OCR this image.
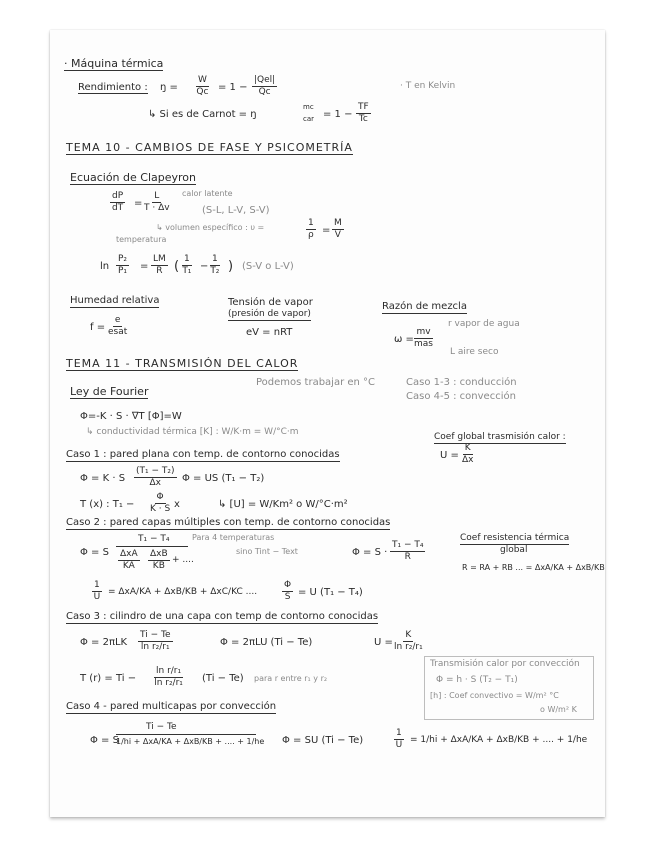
· Máquina térmica
Rendimiento : ŋ = $\frac{W}{Qc} = 1$ −
|Qel|
Qc
· T en Kelvin
↳ Si es de Carnot = ŋ
mc
car = $1 - \frac{TF}{Tc}$
TEMA 10 - CAMBIOS DE FASE Y PSICOMETRÍA
Ecuación de Clapeyron
$\frac{dP}{dT} = \frac{L}{T \cdot \Delta v}$ calor latente
(S-L, L-V, S-V)
↳ volumen específico : υ =	$\frac{1}{\rho} = \frac{M}{V}$
temperatura
$\ln \frac{\text{P₂}}{\text{P₁}} = \frac{LM}{R}$ ( $\frac{1}{\text{T₁}} - \frac{1}{\text{T₂}}$ ) (S-V o L-V)
Humedad relativa
f =
e
esat
Tensión de vapor
(presión de vapor)
eV = nRT
Razón de mezcla
r vapor de agua
ω =
mv
mas
L aire seco
TEMA 11 - TRANSMISIÓN DEL CALOR
Ley de Fourier
Podemos trabajar en °C	Caso 1-3 : conducción
Caso 4-5 : convección
Φ=-K · S · ∇T [Φ]=W
↳ conductividad térmica [K] : W/K·m = W/°C·m	Coef global trasmisión calor :
$U = \frac{K}{\Delta x}$
Caso 1 : pared plana con temp. de contorno conocidas
Φ = K · S $\frac{\text{(T₁ − T₂)}}{\Delta x}$ Φ = US (T₁ − T₂)
T (x) : $T_1 - \frac{\Phi}{K \cdot S}$ x	↳ [U] = W/Km² o W/°C·m²
Caso 2 : pared capas múltiples con temp. de contorno conocidas
Φ = S
T₁ − T₄
ΔxA
KA
ΔxB
KB
+ ....
Para 4 temperaturas
sino Tint − Text	$\Phi = S \cdot \frac{\text{T₁ − T₄}}{R}$
Coef resistencia térmica
global
R = RA + RB ... = ΔxA/KA + ΔxB/KB
$\frac{1}{U} = \Delta xA/KA + \Delta xB/KB + \Delta xC/KC$ ....	$\frac{\Phi}{S} = U$ (T₁ − T₄)
Caso 3 : cilindro de una capa con temp de contorno conocidas
$\Phi = 2\pi LK \frac{Ti - Te}{\text{ln r₂/r₁}}$	Φ = 2πLU (Ti − Te)	$U = \frac{K}{\text{ln r₂/r₁}}$
T $(r) = Ti - \frac{\text{ln r/r₁}}{\text{ln r₂/r₁}} (Ti - Te)$ para r entre r₁ y r₂
Transmisión calor por convección
Φ = h · S (T₂ − T₁)
[h] : Coef convectivo = W/m² °C
o W/m² K
Caso 4 - pared multicapas por convección
Φ = S
Ti − Te
1/hi + ΔxA/KA + ΔxB/KB + .... + 1/he Φ = SU (Ti − Te)	$\frac{1}{U} = 1/hi + \Delta xA/KA + \Delta xB/KB$ + .... + 1/he
